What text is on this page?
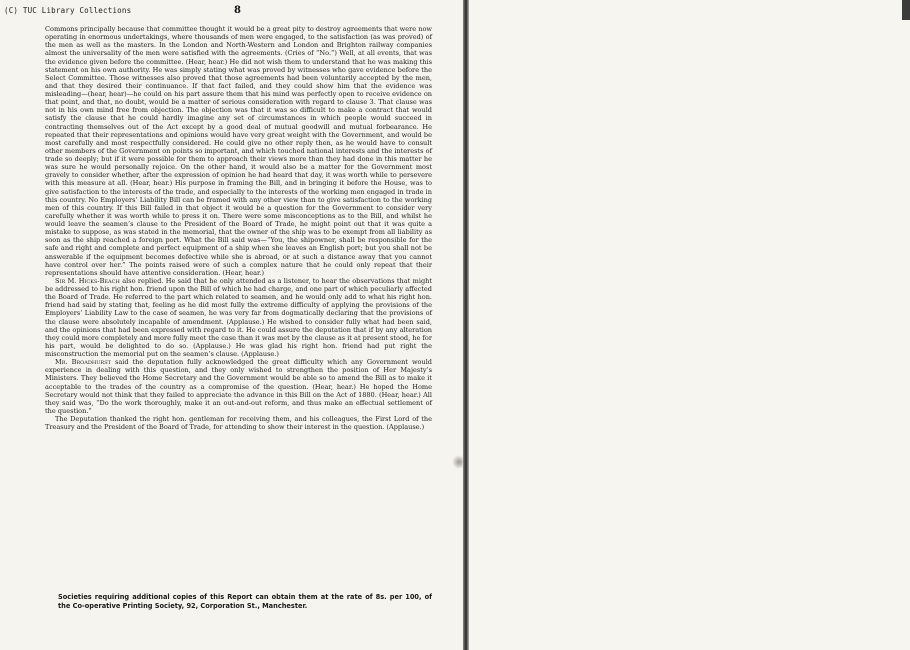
(C) TUC Library Collections	8

Commons principally because that committee thought it would be a great pity to destroy agreements that were now operating in enormous undertakings, where thousands of men were engaged, to the satisfaction (as was proved) of the men as well as the masters. In the London and North-Western and London and Brighton railway companies almost the universality of the men were satisfied with the agreements. (Cries of “No.”) Well, at all events, that was the evidence given before the committee. (Hear, hear.) He did not wish them to understand that he was making this statement on his own authority. He was simply stating what was proved by witnesses who gave evidence before the Select Committee. Those witnesses also proved that those agreements had been voluntarily accepted by the men, and that they desired their continuance. If that fact failed, and they could show him that the evidence was misleading—(hear, hear)—he could on his part assure them that his mind was perfectly open to receive evidence on that point, and that, no doubt, would be a matter of serious consideration with regard to clause 3. That clause was not in his own mind free from objection. The objection was that it was so difficult to make a contract that would satisfy the clause that he could hardly imagine any set of circumstances in which people would succeed in contracting themselves out of the Act except by a good deal of mutual goodwill and mutual forbearance. He repeated that their representations and opinions would have very great weight with the Government, and would be most carefully and most respectfully considered. He could give no other reply then, as he would have to consult other members of the Government on points so important, and which touched national interests and the interests of trade so deeply; but if it were possible for them to approach their views more than they had done in this matter he was sure he would personally rejoice. On the other hand, it would also be a matter for the Government most gravely to consider whether, after the expression of opinion he had heard that day, it was worth while to persevere with this measure at all. (Hear, hear.) His purpose in framing the Bill, and in bringing it before the House, was to give satisfaction to the interests of the trade, and especially to the interests of the working men engaged in trade in this country. No Employers’ Liability Bill can be framed with any other view than to give satisfaction to the working men of this country. If this Bill failed in that object it would be a question for the Government to consider very carefully whether it was worth while to press it on. There were some misconceptions as to the Bill, and whilst he would leave the seamen’s clause to the President of the Board of Trade, he might point out that it was quite a mistake to suppose, as was stated in the memorial, that the owner of the ship was to be exempt from all liability as soon as the ship reached a foreign port. What the Bill said was—“You, the shipowner, shall be responsible for the safe and right and complete and perfect equipment of a ship when she leaves an English port; but you shall not be answerable if the equipment becomes defective while she is abroad, or at such a distance away that you cannot have control over her.” The points raised were of such a complex nature that he could only repeat that their representations should have attentive consideration. (Hear, hear.)

Sir M. Hicks-Beach also replied. He said that he only attended as a listener, to hear the observations that might be addressed to his right hon. friend upon the Bill of which he had charge, and one part of which peculiarly affected the Board of Trade. He referred to the part which related to seamen, and he would only add to what his right hon. friend had said by stating that, feeling as he did most fully the extreme difficulty of applying the provisions of the Employers’ Liability Law to the case of seamen, he was very far from dogmatically declaring that the provisions of the clause were absolutely incapable of amendment. (Applause.) He wished to consider fully what had been said, and the opinions that had been expressed with regard to it. He could assure the deputation that if by any alteration they could more completely and more fully meet the case than it was met by the clause as it at present stood, he for his part, would be delighted to do so. (Applause.) He was glad his right hon. friend had put right the misconstruction the memorial put on the seamen’s clause. (Applause.)

Mr. Broadhurst said the deputation fully acknowledged the great difficulty which any Government would experience in dealing with this question, and they only wished to strengthen the position of Her Majesty’s Ministers. They believed the Home Secretary and the Government would be able so to amend the Bill as to make it acceptable to the trades of the country as a compromise of the question. (Hear, hear.) He hoped the Home Secretary would not think that they failed to appreciate the advance in this Bill on the Act of 1880. (Hear, hear.) All they said was, “Do the work thoroughly, make it an out-and-out reform, and thus make an effectual settlement of the question.”

The Deputation thanked the right hon. gentleman for receiving them, and his colleagues, the First Lord of the Treasury and the President of the Board of Trade, for attending to show their interest in the question. (Applause.)

Societies requiring additional copies of this Report can obtain them at the rate of 8s. per 100, of the Co-operative Printing Society, 92, Corporation St., Manchester.
